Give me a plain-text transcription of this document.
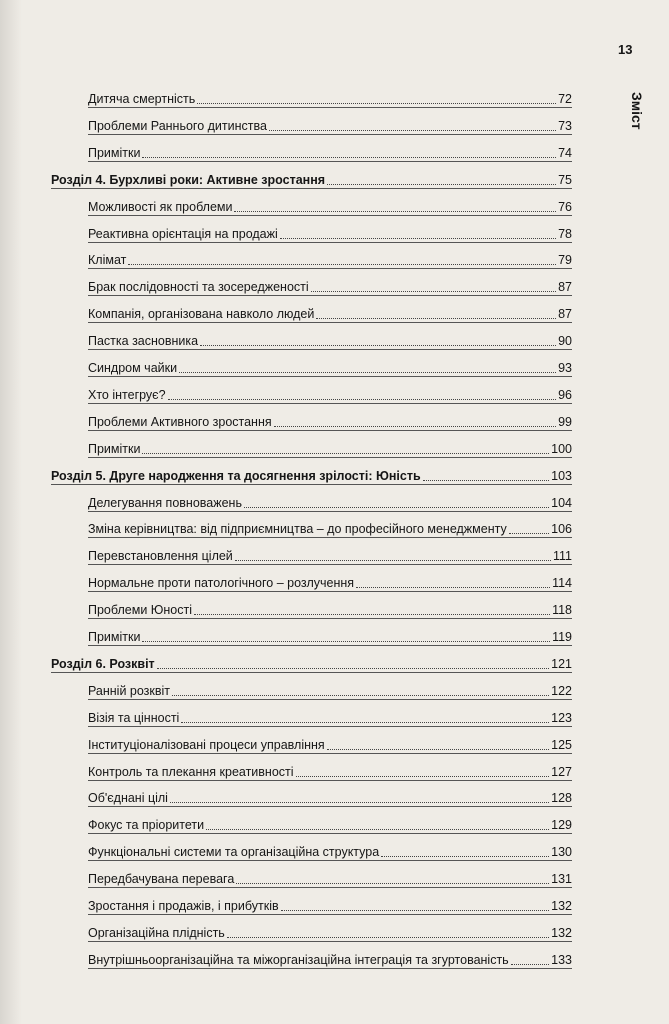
13
Зміст
Дитяча смертність	72
Проблеми Раннього дитинства	73
Примітки	74
Розділ 4. Бурхливі роки: Активне зростання	75
Можливості як проблеми	76
Реактивна орієнтація на продажі	78
Клімат	79
Брак послідовності та зосередженості	87
Компанія, організована навколо людей	87
Пастка засновника	90
Синдром чайки	93
Хто інтегрує?	96
Проблеми Активного зростання	99
Примітки	100
Розділ 5. Друге народження та досягнення зрілості: Юність	103
Делегування повноважень	104
Зміна керівництва: від підприємництва – до професійного менеджменту	106
Перевстановлення цілей	111
Нормальне проти патологічного – розлучення	114
Проблеми Юності	118
Примітки	119
Розділ 6. Розквіт	121
Ранній розквіт	122
Візія та цінності	123
Інституціоналізовані процеси управління	125
Контроль та плекання креативності	127
Об'єднані цілі	128
Фокус та пріоритети	129
Функціональні системи та організаційна структура	130
Передбачувана перевага	131
Зростання і продажів, і прибутків	132
Організаційна плідність	132
Внутрішньоорганізаційна та міжорганізаційна інтеграція та згуртованість	133
